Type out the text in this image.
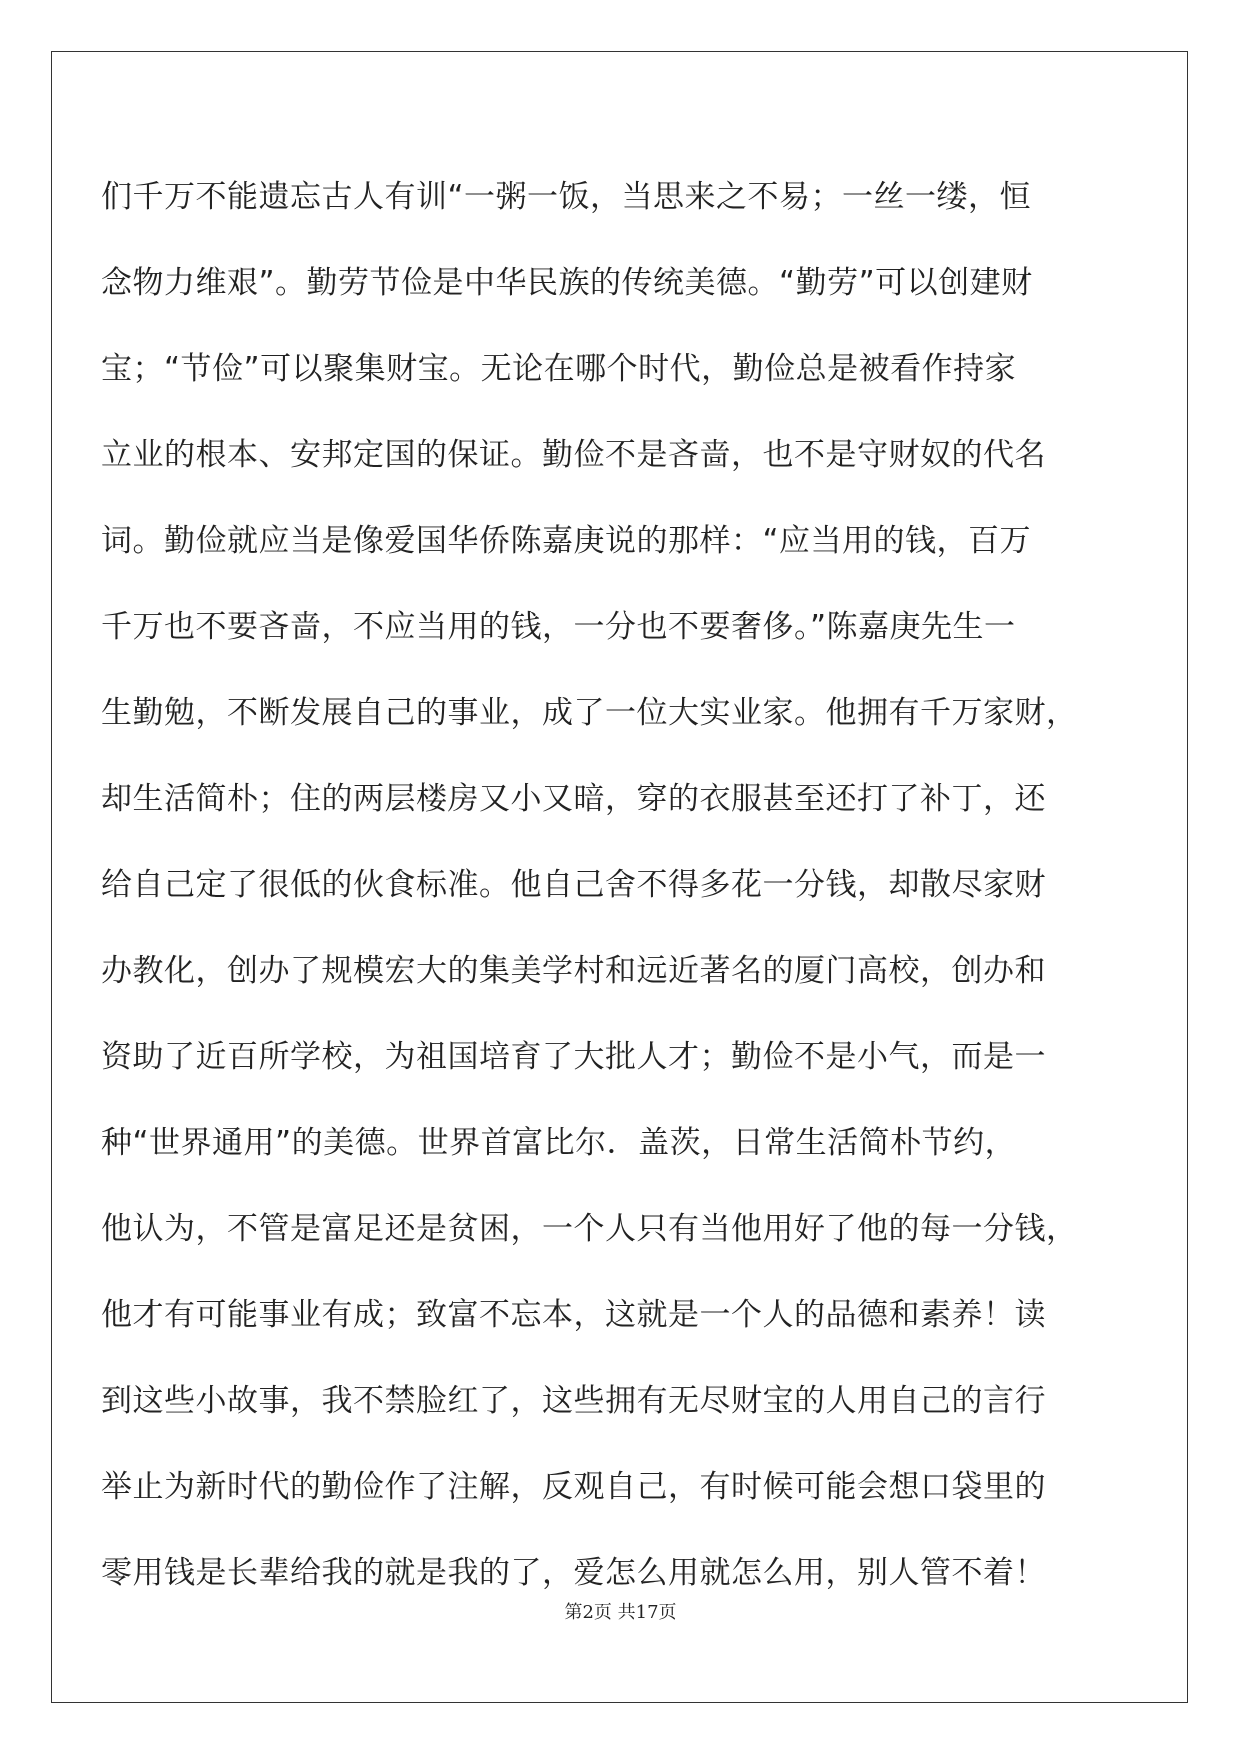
们千万不能遗忘古人有训“一粥一饭，当思来之不易；一丝一缕，恒
念物力维艰”。勤劳节俭是中华民族的传统美德。“勤劳”可以创建财
宝；“节俭”可以聚集财宝。无论在哪个时代，勤俭总是被看作持家
立业的根本、安邦定国的保证。勤俭不是吝啬，也不是守财奴的代名
词。勤俭就应当是像爱国华侨陈嘉庚说的那样：“应当用的钱，百万
千万也不要吝啬，不应当用的钱，一分也不要奢侈。”陈嘉庚先生一
生勤勉，不断发展自己的事业，成了一位大实业家。他拥有千万家财，
却生活简朴；住的两层楼房又小又暗，穿的衣服甚至还打了补丁，还
给自己定了很低的伙食标准。他自己舍不得多花一分钱，却散尽家财
办教化，创办了规模宏大的集美学村和远近著名的厦门高校，创办和
资助了近百所学校，为祖国培育了大批人才；勤俭不是小气，而是一
种“世界通用”的美德。世界首富比尔．盖茨，日常生活简朴节约，
他认为，不管是富足还是贫困，一个人只有当他用好了他的每一分钱，
他才有可能事业有成；致富不忘本，这就是一个人的品德和素养！读
到这些小故事，我不禁脸红了，这些拥有无尽财宝的人用自己的言行
举止为新时代的勤俭作了注解，反观自己，有时候可能会想口袋里的
零用钱是长辈给我的就是我的了，爱怎么用就怎么用，别人管不着！
第2页 共17页
